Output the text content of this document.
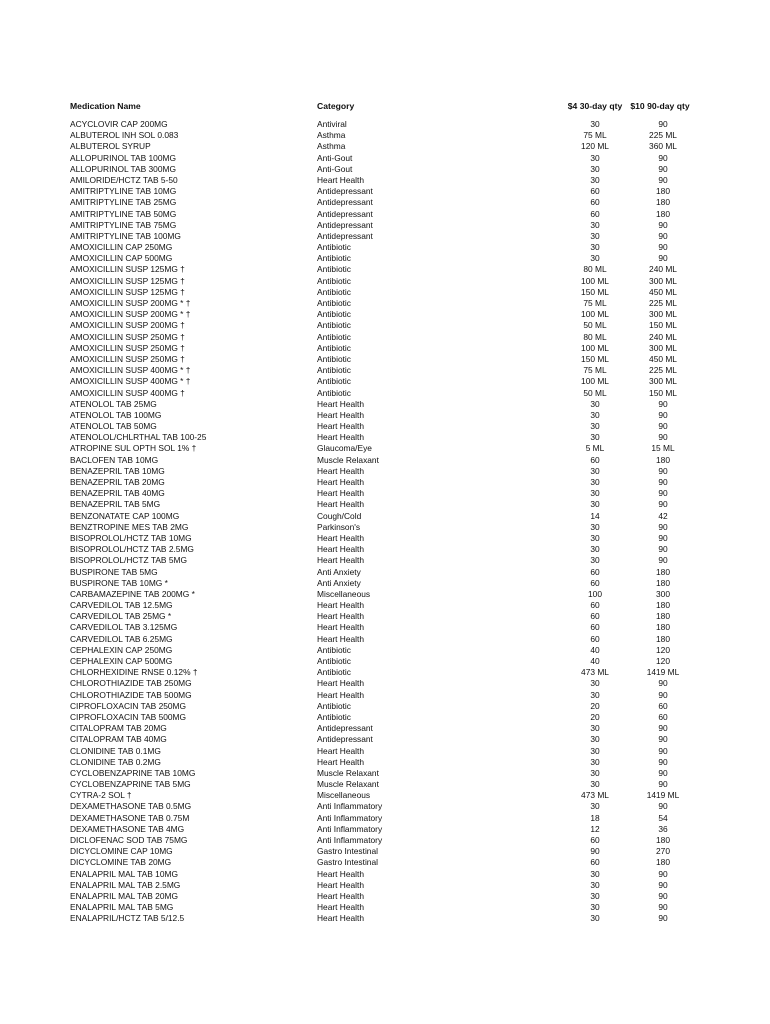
Medication Name	Category	$4 30-day qty $10 90-day qty
ACYCLOVIR CAP 200MG	Antiviral	30	90
ALBUTEROL INH SOL 0.083	Asthma	75 ML	225 ML
ALBUTEROL SYRUP	Asthma	120 ML	360 ML
ALLOPURINOL TAB 100MG	Anti-Gout	30	90
ALLOPURINOL TAB 300MG	Anti-Gout	30	90
AMILORIDE/HCTZ TAB 5-50	Heart Health	30	90
AMITRIPTYLINE TAB 10MG	Antidepressant	60	180
AMITRIPTYLINE TAB 25MG	Antidepressant	60	180
AMITRIPTYLINE TAB 50MG	Antidepressant	60	180
AMITRIPTYLINE TAB 75MG	Antidepressant	30	90
AMITRIPTYLINE TAB 100MG	Antidepressant	30	90
AMOXICILLIN CAP 250MG	Antibiotic	30	90
AMOXICILLIN CAP 500MG	Antibiotic	30	90
AMOXICILLIN SUSP 125MG †	Antibiotic	80 ML	240 ML
AMOXICILLIN SUSP 125MG †	Antibiotic	100 ML	300 ML
AMOXICILLIN SUSP 125MG †	Antibiotic	150 ML	450 ML
AMOXICILLIN SUSP 200MG * †	Antibiotic	75 ML	225 ML
AMOXICILLIN SUSP 200MG * †	Antibiotic	100 ML	300 ML
AMOXICILLIN SUSP 200MG †	Antibiotic	50 ML	150 ML
AMOXICILLIN SUSP 250MG †	Antibiotic	80 ML	240 ML
AMOXICILLIN SUSP 250MG †	Antibiotic	100 ML	300 ML
AMOXICILLIN SUSP 250MG †	Antibiotic	150 ML	450 ML
AMOXICILLIN SUSP 400MG * †	Antibiotic	75 ML	225 ML
AMOXICILLIN SUSP 400MG * †	Antibiotic	100 ML	300 ML
AMOXICILLIN SUSP 400MG †	Antibiotic	50 ML	150 ML
ATENOLOL TAB 25MG	Heart Health	30	90
ATENOLOL TAB 100MG	Heart Health	30	90
ATENOLOL TAB 50MG	Heart Health	30	90
ATENOLOL/CHLRTHAL TAB 100-25	Heart Health	30	90
ATROPINE SUL OPTH SOL 1% †	Glaucoma/Eye	5 ML	15 ML
BACLOFEN TAB 10MG	Muscle Relaxant	60	180
BENAZEPRIL TAB 10MG	Heart Health	30	90
BENAZEPRIL TAB 20MG	Heart Health	30	90
BENAZEPRIL TAB 40MG	Heart Health	30	90
BENAZEPRIL TAB 5MG	Heart Health	30	90
BENZONATATE CAP 100MG	Cough/Cold	14	42
BENZTROPINE MES TAB 2MG	Parkinson's	30	90
BISOPROLOL/HCTZ TAB 10MG	Heart Health	30	90
BISOPROLOL/HCTZ TAB 2.5MG	Heart Health	30	90
BISOPROLOL/HCTZ TAB 5MG	Heart Health	30	90
BUSPIRONE TAB 5MG	Anti Anxiety	60	180
BUSPIRONE TAB 10MG *	Anti Anxiety	60	180
CARBAMAZEPINE TAB 200MG *	Miscellaneous	100	300
CARVEDILOL TAB 12.5MG	Heart Health	60	180
CARVEDILOL TAB 25MG *	Heart Health	60	180
CARVEDILOL TAB 3.125MG	Heart Health	60	180
CARVEDILOL TAB 6.25MG	Heart Health	60	180
CEPHALEXIN CAP 250MG	Antibiotic	40	120
CEPHALEXIN CAP 500MG	Antibiotic	40	120
CHLORHEXIDINE RNSE 0.12% †	Antibiotic	473 ML	1419 ML
CHLOROTHIAZIDE TAB 250MG	Heart Health	30	90
CHLOROTHIAZIDE TAB 500MG	Heart Health	30	90
CIPROFLOXACIN TAB 250MG	Antibiotic	20	60
CIPROFLOXACIN TAB 500MG	Antibiotic	20	60
CITALOPRAM TAB 20MG	Antidepressant	30	90
CITALOPRAM TAB 40MG	Antidepressant	30	90
CLONIDINE TAB 0.1MG	Heart Health	30	90
CLONIDINE TAB 0.2MG	Heart Health	30	90
CYCLOBENZAPRINE TAB 10MG	Muscle Relaxant	30	90
CYCLOBENZAPRINE TAB 5MG	Muscle Relaxant	30	90
CYTRA-2 SOL †	Miscellaneous	473 ML	1419 ML
DEXAMETHASONE TAB 0.5MG	Anti Inflammatory	30	90
DEXAMETHASONE TAB 0.75M	Anti Inflammatory	18	54
DEXAMETHASONE TAB 4MG	Anti Inflammatory	12	36
DICLOFENAC SOD TAB 75MG	Anti Inflammatory	60	180
DICYCLOMINE CAP 10MG	Gastro Intestinal	90	270
DICYCLOMINE TAB 20MG	Gastro Intestinal	60	180
ENALAPRIL MAL TAB 10MG	Heart Health	30	90
ENALAPRIL MAL TAB 2.5MG	Heart Health	30	90
ENALAPRIL MAL TAB 20MG	Heart Health	30	90
ENALAPRIL MAL TAB 5MG	Heart Health	30	90
ENALAPRIL/HCTZ TAB 5/12.5	Heart Health	30	90
